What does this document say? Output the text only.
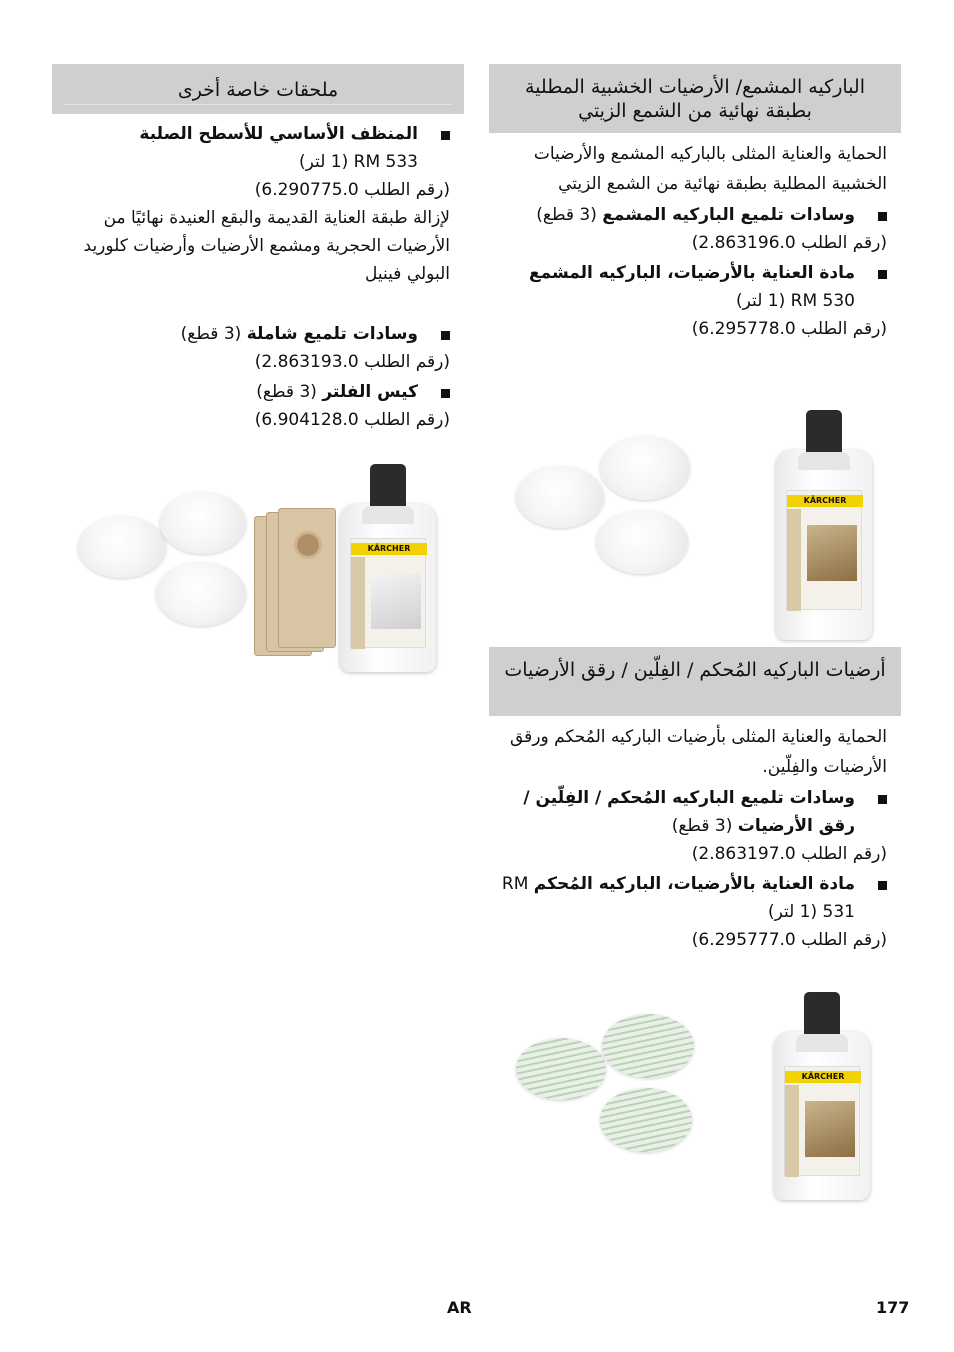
الباركيه المشمع/ الأرضيات الخشبية المطلية بطبقة نهائية من الشمع الزيتي

الحماية والعناية المثلى بالباركيه المشمع والأرضيات الخشبية المطلية بطبقة نهائية من الشمع الزيتي

وسادات تلميع الباركيه المشمع (3 قطع)
(رقم الطلب 2.863196.0)
مادة العناية بالأرضيات، الباركيه المشمع RM 530 (1 لتر)
(رقم الطلب 6.295778.0)
KÄRCHER
أرضيات الباركيه المُحكم / الفِلّين / رقق الأرضيات

الحماية والعناية المثلى بأرضيات الباركيه المُحكم ورقق الأرضيات والفِلّين.

وسادات تلميع الباركيه المُحكم / الفِلّين / رقق الأرضيات (3 قطع)
(رقم الطلب 2.863197.0)
مادة العناية بالأرضيات، الباركيه المُحكم RM 531 (1 لتر)
(رقم الطلب 6.295777.0)
KÄRCHER
ملحقات خاصة أخرى
المنظف الأساسي للأسطح الصلبة
RM 533 (1 لتر)
(رقم الطلب 6.290775.0)
لإزالة طبقة العناية القديمة والبقع العنيدة نهائيًا من الأرضيات الحجرية ومشمع الأرضيات وأرضيات كلوريد البولي فينيل
وسادات تلميع شاملة (3 قطع)
(رقم الطلب 2.863193.0)
كيس الفلتر (3 قطع)
(رقم الطلب 6.904128.0)
KÄRCHER
AR	177
